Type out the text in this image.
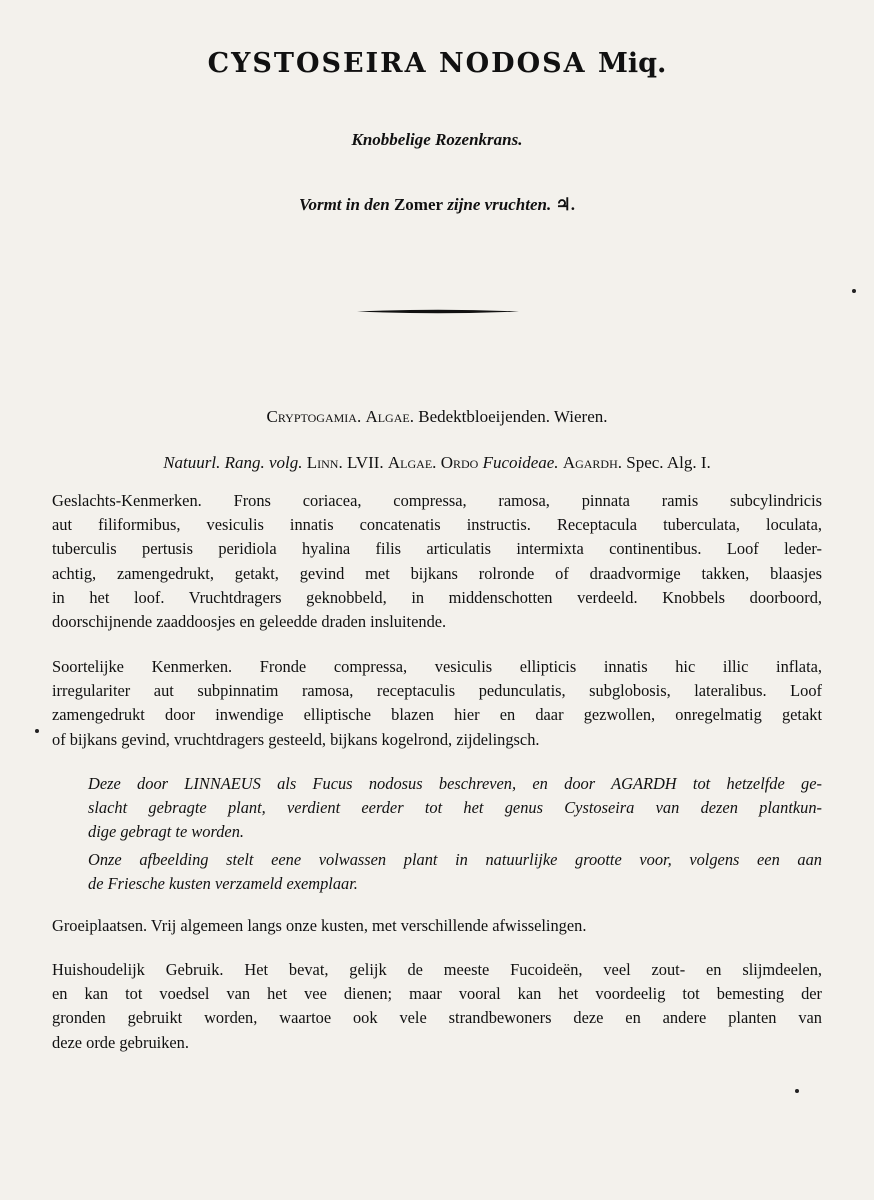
CYSTOSEIRA NODOSA Miq.
Knobbelige Rozenkrans.
Vormt in den Zomer zijne vruchten. ♃.
Cryptogamia. Algae. Bedektbloeijenden. Wieren.
Natuurl. Rang. volg. Linn. LVII. Algae. Ordo Fucoideae. Agardh. Spec. Alg. I.
Geslachts-Kenmerken. Frons coriacea, compressa, ramosa, pinnata ramis subcylindricis
aut filiformibus, vesiculis innatis concatenatis instructis. Receptacula tuberculata, loculata,
tuberculis pertusis peridiola hyalina filis articulatis intermixta continentibus. Loof leder-
achtig, zamengedrukt, getakt, gevind met bijkans rolronde of draadvormige takken, blaasjes
in het loof. Vruchtdragers geknobbeld, in middenschotten verdeeld. Knobbels doorboord,
doorschijnende zaaddoosjes en geleedde draden insluitende.
Soortelijke Kenmerken. Fronde compressa, vesiculis ellipticis innatis hic illic inflata,
irregulariter aut subpinnatim ramosa, receptaculis pedunculatis, subglobosis, lateralibus. Loof
zamengedrukt door inwendige elliptische blazen hier en daar gezwollen, onregelmatig getakt
of bijkans gevind, vruchtdragers gesteeld, bijkans kogelrond, zijdelingsch.
Deze door LINNAEUS als Fucus nodosus beschreven, en door AGARDH tot hetzelfde ge-
slacht gebragte plant, verdient eerder tot het genus Cystoseira van dezen plantkun-
dige gebragt te worden.
Onze afbeelding stelt eene volwassen plant in natuurlijke grootte voor, volgens een aan
de Friesche kusten verzameld exemplaar.
Groeiplaatsen. Vrij algemeen langs onze kusten, met verschillende afwisselingen.
Huishoudelijk Gebruik. Het bevat, gelijk de meeste Fucoideën, veel zout- en slijmdeelen,
en kan tot voedsel van het vee dienen; maar vooral kan het voordeelig tot bemesting der
gronden gebruikt worden, waartoe ook vele strandbewoners deze en andere planten van
deze orde gebruiken.
